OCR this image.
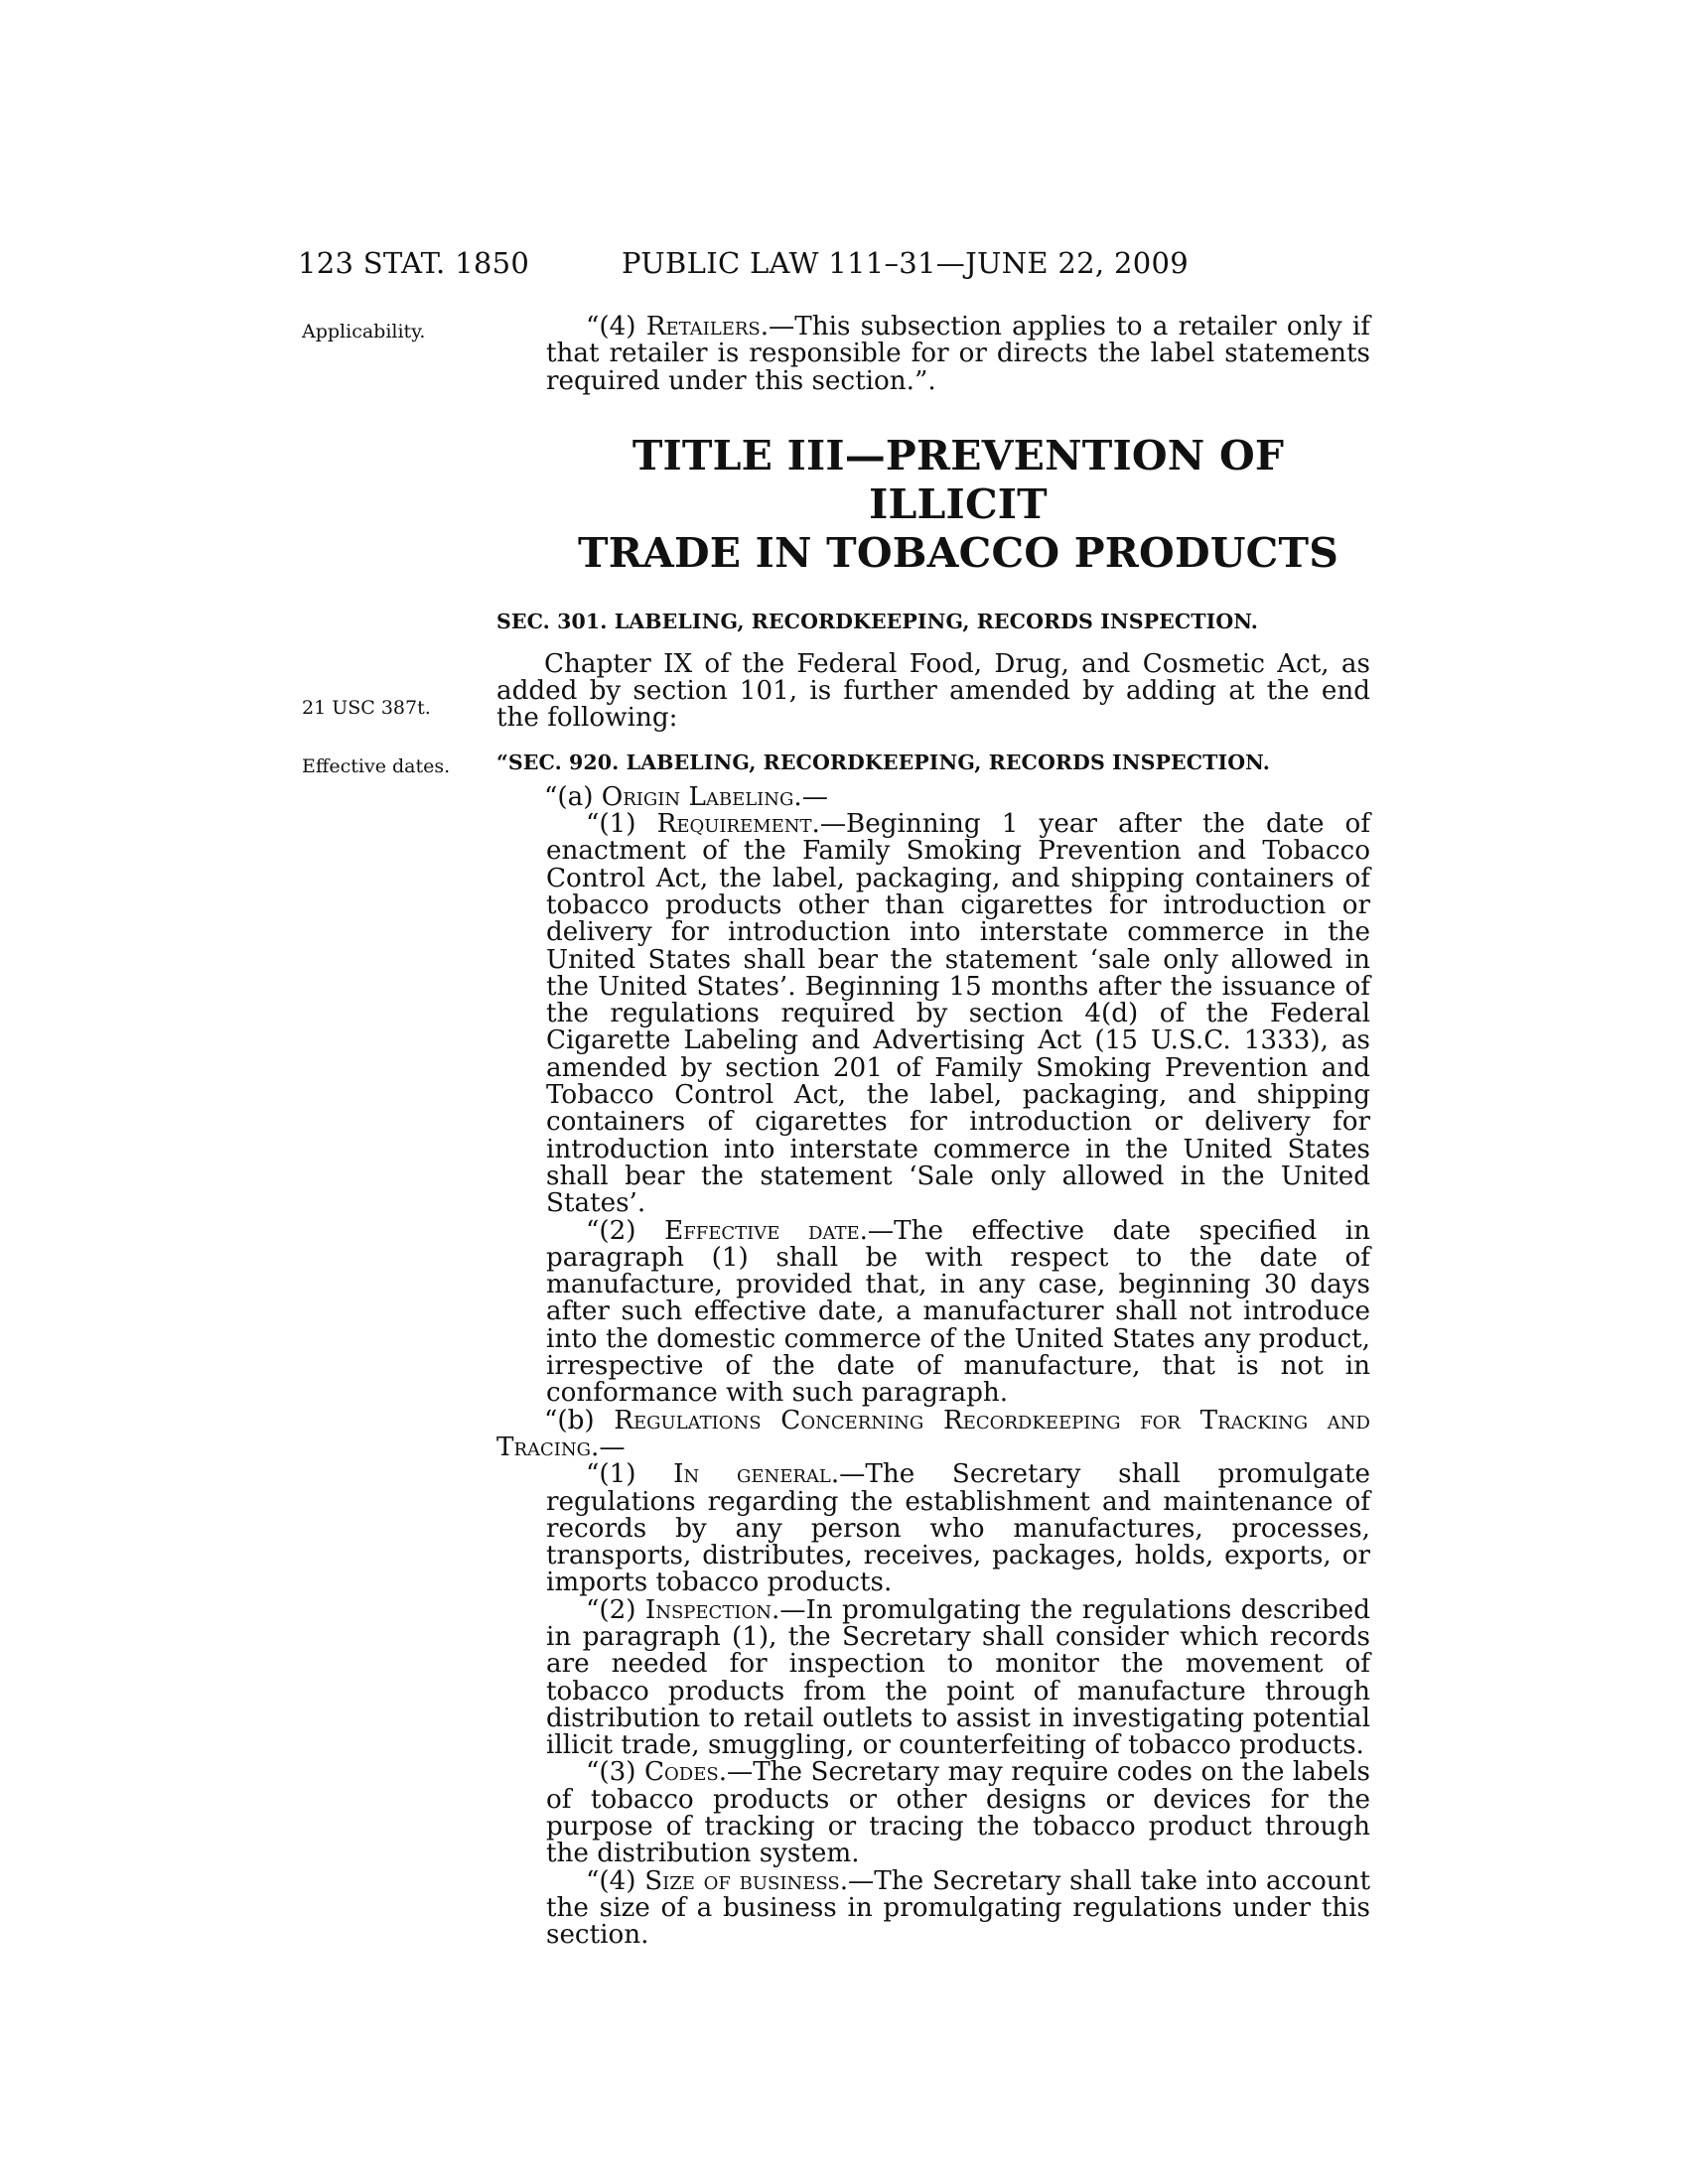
123 STAT. 1850	PUBLIC LAW 111–31—JUNE 22, 2009
Applicability.
21 USC 387t.
Effective dates.

“(4) Retailers.—This subsection applies to a retailer only if that retailer is responsible for or directs the label statements required under this section.”.

TITLE III—PREVENTION OF ILLICIT
TRADE IN TOBACCO PRODUCTS
SEC. 301. LABELING, RECORDKEEPING, RECORDS INSPECTION.

Chapter IX of the Federal Food, Drug, and Cosmetic Act, as added by section 101, is further amended by adding at the end the following:

“SEC. 920. LABELING, RECORDKEEPING, RECORDS INSPECTION.

“(a) Origin Labeling.—

“(1) Requirement.—Beginning 1 year after the date of enactment of the Family Smoking Prevention and Tobacco Control Act, the label, packaging, and shipping containers of tobacco products other than cigarettes for introduction or delivery for introduction into interstate commerce in the United States shall bear the statement ‘sale only allowed in the United States’. Beginning 15 months after the issuance of the regulations required by section 4(d) of the Federal Cigarette Labeling and Advertising Act (15 U.S.C. 1333), as amended by section 201 of Family Smoking Prevention and Tobacco Control Act, the label, packaging, and shipping containers of cigarettes for introduction or delivery for introduction into interstate commerce in the United States shall bear the statement ‘Sale only allowed in the United States’.

“(2) Effective date.—The effective date specified in paragraph (1) shall be with respect to the date of manufacture, provided that, in any case, beginning 30 days after such effective date, a manufacturer shall not introduce into the domestic commerce of the United States any product, irrespective of the date of manufacture, that is not in conformance with such paragraph.

“(b) Regulations Concerning Recordkeeping for Tracking and Tracing.—

“(1) In general.—The Secretary shall promulgate regulations regarding the establishment and maintenance of records by any person who manufactures, processes, transports, distributes, receives, packages, holds, exports, or imports tobacco products.

“(2) Inspection.—In promulgating the regulations described in paragraph (1), the Secretary shall consider which records are needed for inspection to monitor the movement of tobacco products from the point of manufacture through distribution to retail outlets to assist in investigating potential illicit trade, smuggling, or counterfeiting of tobacco products.

“(3) Codes.—The Secretary may require codes on the labels of tobacco products or other designs or devices for the purpose of tracking or tracing the tobacco product through the distribution system.

“(4) Size of business.—The Secretary shall take into account the size of a business in promulgating regulations under this section.
